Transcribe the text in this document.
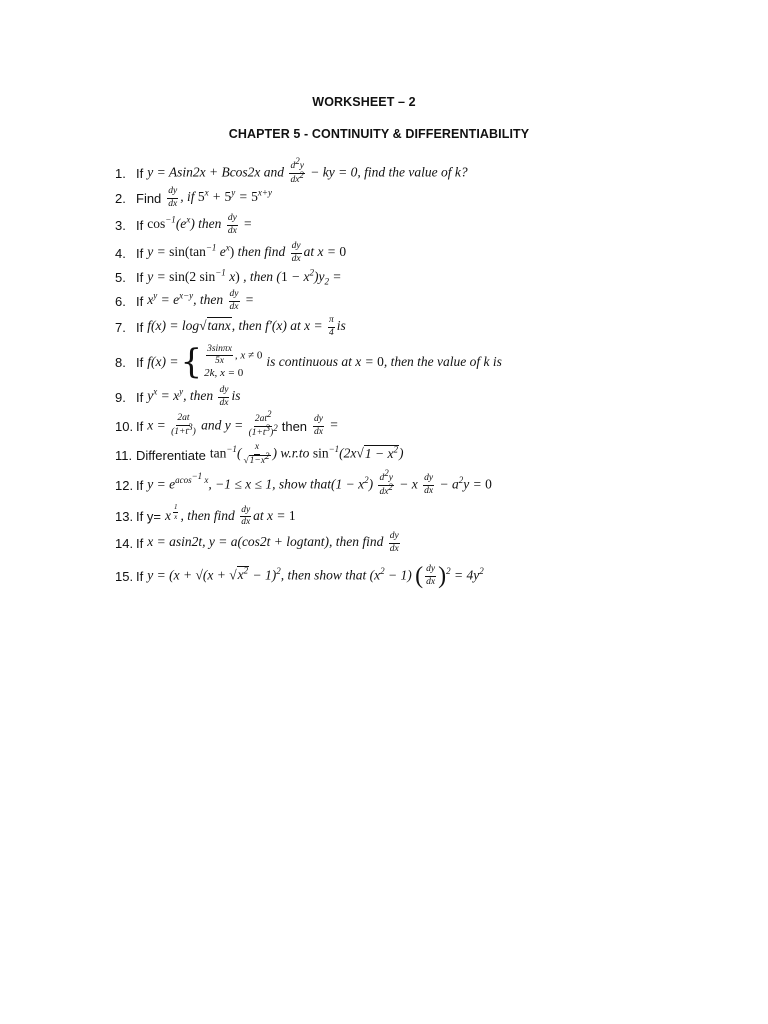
WORKSHEET – 2
CHAPTER 5 - CONTINUITY & DIFFERENTIABILITY
1. If y = Asin2x + Bcos2x and $\frac{d^2y}{dx^2}$ − ky = 0, find the value of k?
2. Find $\frac{dy}{dx}$ , if $5^x + 5^y = 5^{x+y}$
3. If $\cos^{-1}(e^x)$ then $\frac{dy}{dx}$ =
4. If $y = \sin(\tan^{-1}$ $e^x$) then find $\frac{dy}{dx}$ at x = 0
5. If y = sin(2 $\sin^{-1} x$) , then $(1 - x^2)y_2$ =
6. If $x^y = e^{x-y}$, then $\frac{dy}{dx}$ =
7. If f(x) = log√tanx, then f′(x) at $x = \frac{\pi}{4}$ is
8. If f(x) = { $\frac{3\sin\pi x}{5x}$ , x ≠ 0
2k, x = 0
is continuous at x = 0, then the value of k is
9. If $y^x = x^y$, then $\frac{dy}{dx}$ is
10. If $x = \frac{2at}{(1+t^3)}$ and $y = \frac{2at^2}{(1+t^3)^2}$ then $\frac{dy}{dx}$ =
11. Differentiate $\tan^{-1}( \frac{x}{√1-x^2}$ ) w.r.to $\sin^{-1}(2x√1 - x^2)$
12. If $y = e^{acos^{-1} x}$, −1 ≤ x ≤ 1, show that(1 − $x^2) \frac{d^2y}{dx^2} - x \frac{dy}{dx} - a^2y = 0$
13. If y= x $^{\frac{1}{x}}$ , then find $\frac{dy}{dx}$ at x = 1
14. If x = asin2t, y = a(cos2t + logtant), then find $\frac{dy}{dx}$
15. If $y = (x + √(x + √x^2 - 1)^2$, then show that $(x^2 - 1)$ ( $\frac{dy}{dx} )^2 = 4y^2$
